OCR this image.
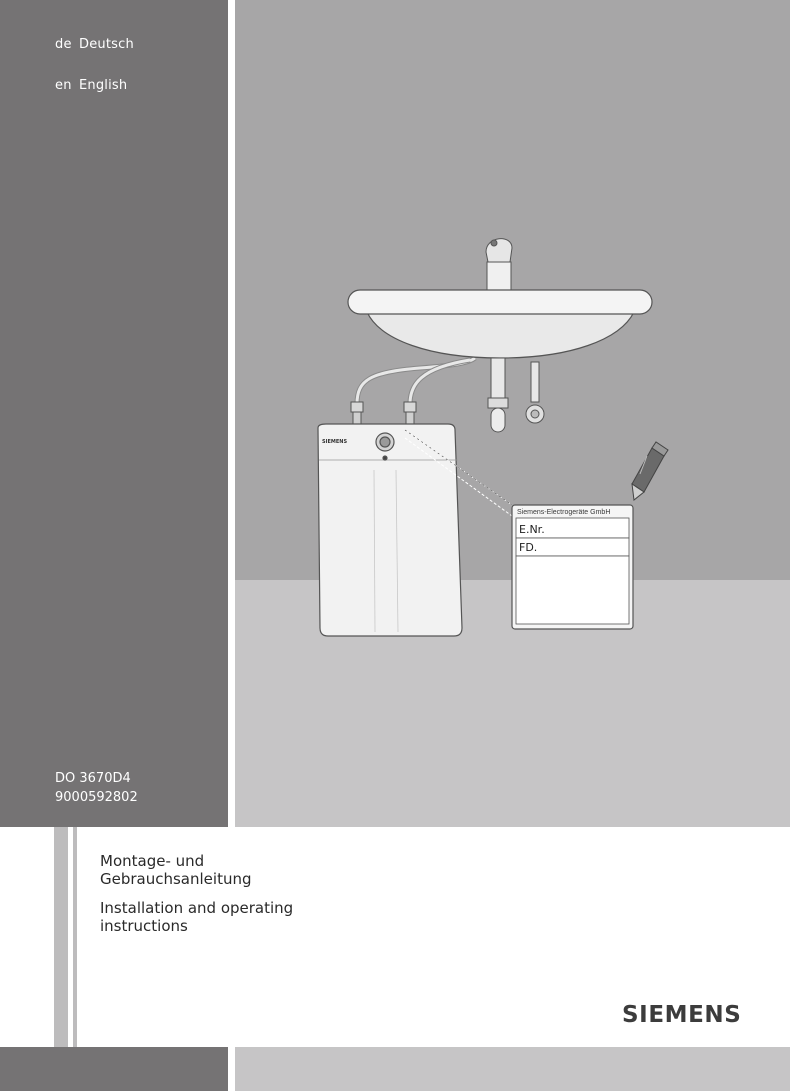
de Deutsch
en English
DO 3670D4
9000592802
Montage- und
Gebrauchsanleitung
Installation and operating
instructions
SIEMENS
SIEMENS
Siemens-Electrogeräte GmbH
E.Nr.
FD.
